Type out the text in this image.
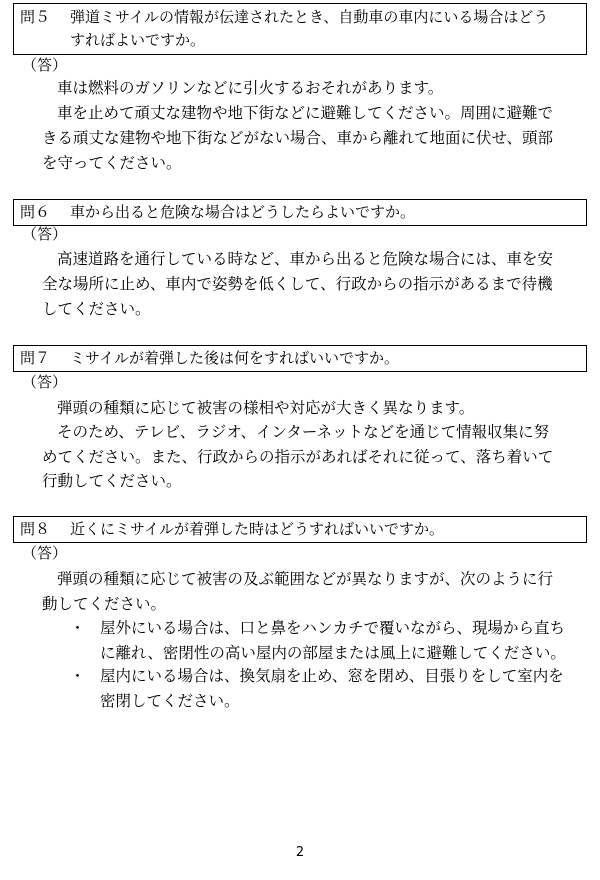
問５ 弾道ミサイルの情報が伝達されたとき、自動車の車内にいる場合はどう
すればよいですか。
（答）
車は燃料のガソリンなどに引火するおそれがあります。
車を止めて頑丈な建物や地下街などに避難してください。周囲に避難で
きる頑丈な建物や地下街などがない場合、車から離れて地面に伏せ、頭部
を守ってください。
問６ 車から出ると危険な場合はどうしたらよいですか。
（答）
高速道路を通行している時など、車から出ると危険な場合には、車を安
全な場所に止め、車内で姿勢を低くして、行政からの指示があるまで待機
してください。
問７ ミサイルが着弾した後は何をすればいいですか。
（答）
弾頭の種類に応じて被害の様相や対応が大きく異なります。
そのため、テレビ、ラジオ、インターネットなどを通じて情報収集に努
めてください。また、行政からの指示があればそれに従って、落ち着いて
行動してください。
問８ 近くにミサイルが着弾した時はどうすればいいですか。
（答）
弾頭の種類に応じて被害の及ぶ範囲などが異なりますが、次のように行
動してください。
・ 屋外にいる場合は、口と鼻をハンカチで覆いながら、現場から直ち
に離れ、密閉性の高い屋内の部屋または風上に避難してください。
・ 屋内にいる場合は、換気扇を止め、窓を閉め、目張りをして室内を
密閉してください。
2
